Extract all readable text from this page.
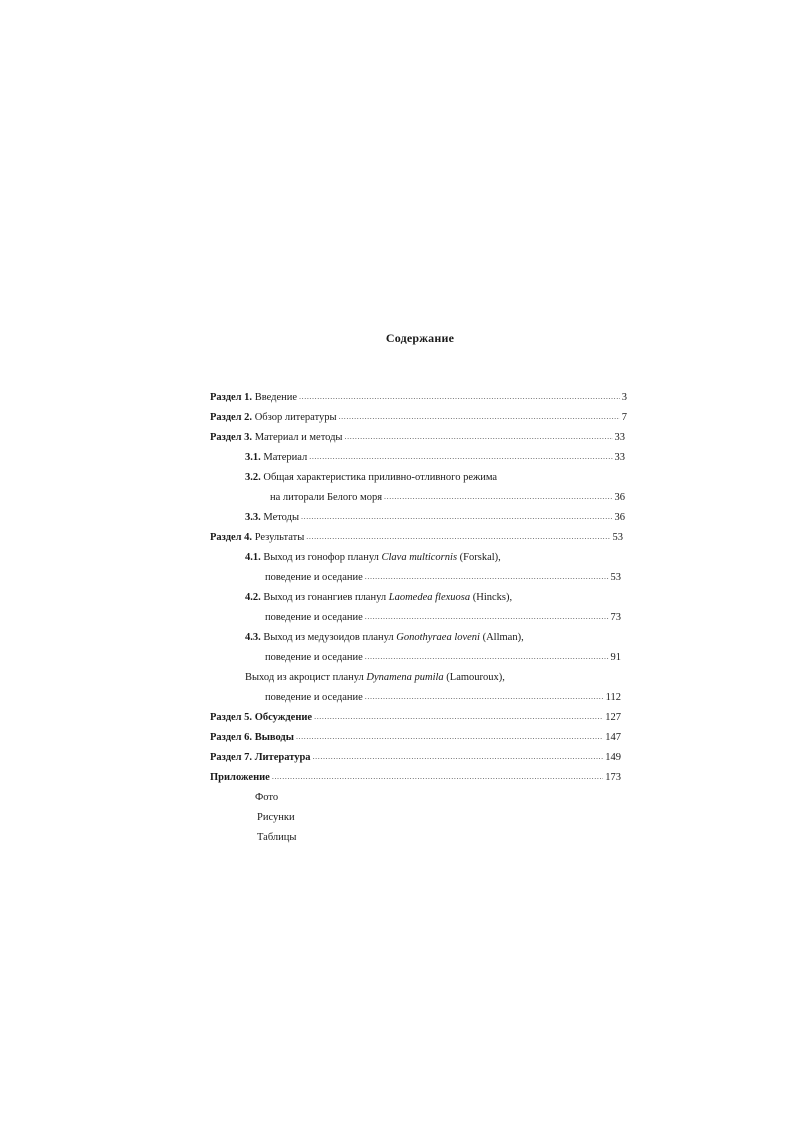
Содержание
Раздел 1. Введение .....	3
Раздел 2. Обзор литературы .....	7
Раздел 3. Материал и методы .....	33
3.1. Материал .....	33
3.2. Общая характеристика приливно-отливного режима
на литорали Белого моря .....	36
3.3. Методы .....	36
Раздел 4. Результаты .....	53
4.1. Выход из гонофор планул Clava multicornis (Forskal),
поведение и оседание .....	53
4.2. Выход из гонангиев планул Laomedea flexuosa (Hincks),
поведение и оседание .....	73
4.3. Выход из медузоидов планул Gonothyraea loveni (Allman),
поведение и оседание .....	91
Выход из акроцист планул Dynamena pumila (Lamouroux),
поведение и оседание .....	112
Раздел 5. Обсуждение .....	127
Раздел 6. Выводы .....	147
Раздел 7. Литература .....	149
Приложение .....	173
Фото
Рисунки
Таблицы
